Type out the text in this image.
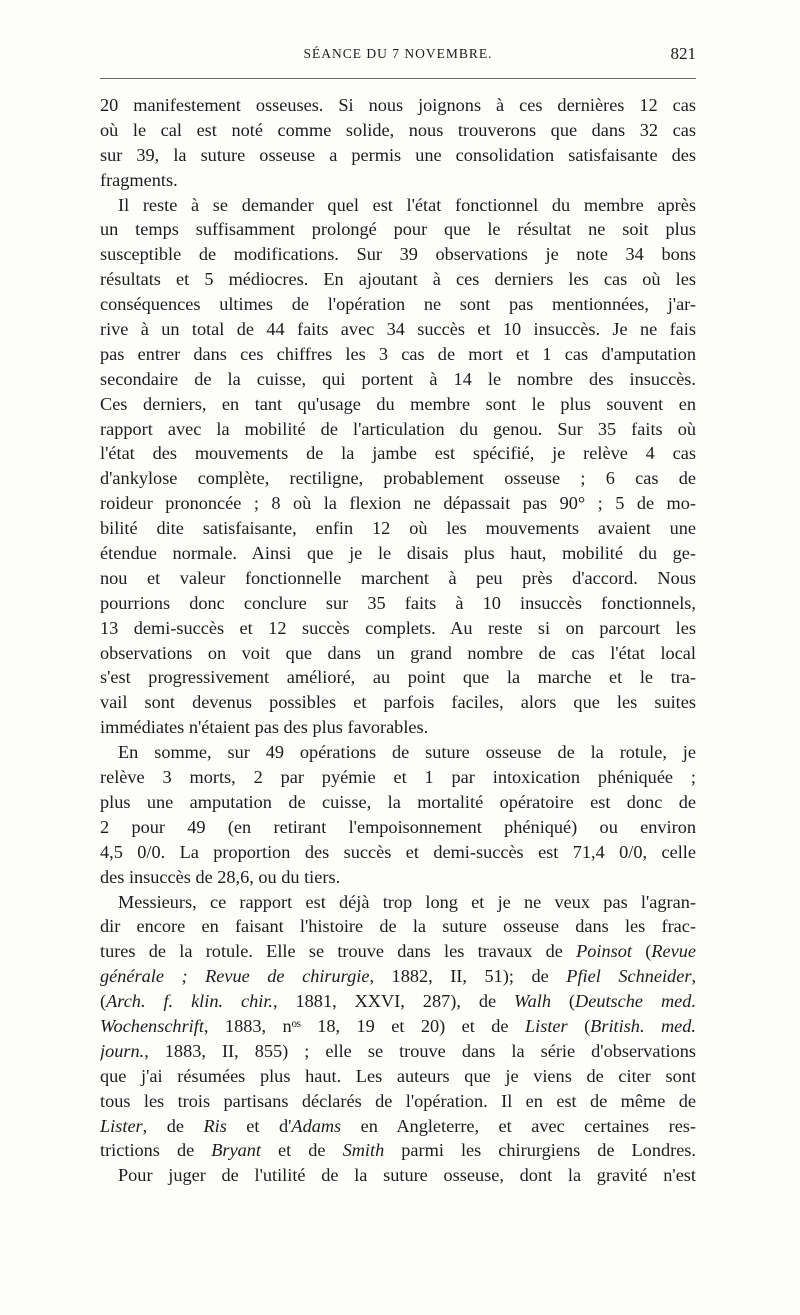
SÉANCE DU 7 NOVEMBRE.	821
20 manifestement osseuses. Si nous joignons à ces dernières 12 cas
où le cal est noté comme solide, nous trouverons que dans 32 cas
sur 39, la suture osseuse a permis une consolidation satisfaisante des
fragments.
Il reste à se demander quel est l'état fonctionnel du membre après
un temps suffisamment prolongé pour que le résultat ne soit plus
susceptible de modifications. Sur 39 observations je note 34 bons
résultats et 5 médiocres. En ajoutant à ces derniers les cas où les
conséquences ultimes de l'opération ne sont pas mentionnées, j'ar-
rive à un total de 44 faits avec 34 succès et 10 insuccès. Je ne fais
pas entrer dans ces chiffres les 3 cas de mort et 1 cas d'amputation
secondaire de la cuisse, qui portent à 14 le nombre des insuccès.
Ces derniers, en tant qu'usage du membre sont le plus souvent en
rapport avec la mobilité de l'articulation du genou. Sur 35 faits où
l'état des mouvements de la jambe est spécifié, je relève 4 cas
d'ankylose complète, rectiligne, probablement osseuse ; 6 cas de
roideur prononcée ; 8 où la flexion ne dépassait pas 90° ; 5 de mo-
bilité dite satisfaisante, enfin 12 où les mouvements avaient une
étendue normale. Ainsi que je le disais plus haut, mobilité du ge-
nou et valeur fonctionnelle marchent à peu près d'accord. Nous
pourrions donc conclure sur 35 faits à 10 insuccès fonctionnels,
13 demi-succès et 12 succès complets. Au reste si on parcourt les
observations on voit que dans un grand nombre de cas l'état local
s'est progressivement amélioré, au point que la marche et le tra-
vail sont devenus possibles et parfois faciles, alors que les suites
immédiates n'étaient pas des plus favorables.
En somme, sur 49 opérations de suture osseuse de la rotule, je
relève 3 morts, 2 par pyémie et 1 par intoxication phéniquée ;
plus une amputation de cuisse, la mortalité opératoire est donc de
2 pour 49 (en retirant l'empoisonnement phéniqué) ou environ
4,5 0/0. La proportion des succès et demi-succès est 71,4 0/0, celle
des insuccès de 28,6, ou du tiers.
Messieurs, ce rapport est déjà trop long et je ne veux pas l'agran-
dir encore en faisant l'histoire de la suture osseuse dans les frac-
tures de la rotule. Elle se trouve dans les travaux de Poinsot (Revue
générale ; Revue de chirurgie, 1882, II, 51); de Pfiel Schneider,
(Arch. f. klin. chir., 1881, XXVI, 287), de Walh (Deutsche med.
Wochenschrift, 1883, nᵒˢ 18, 19 et 20) et de Lister (British. med.
journ., 1883, II, 855) ; elle se trouve dans la série d'observations
que j'ai résumées plus haut. Les auteurs que je viens de citer sont
tous les trois partisans déclarés de l'opération. Il en est de même de
Lister, de Ris et d'Adams en Angleterre, et avec certaines res-
trictions de Bryant et de Smith parmi les chirurgiens de Londres.
Pour juger de l'utilité de la suture osseuse, dont la gravité n'est
